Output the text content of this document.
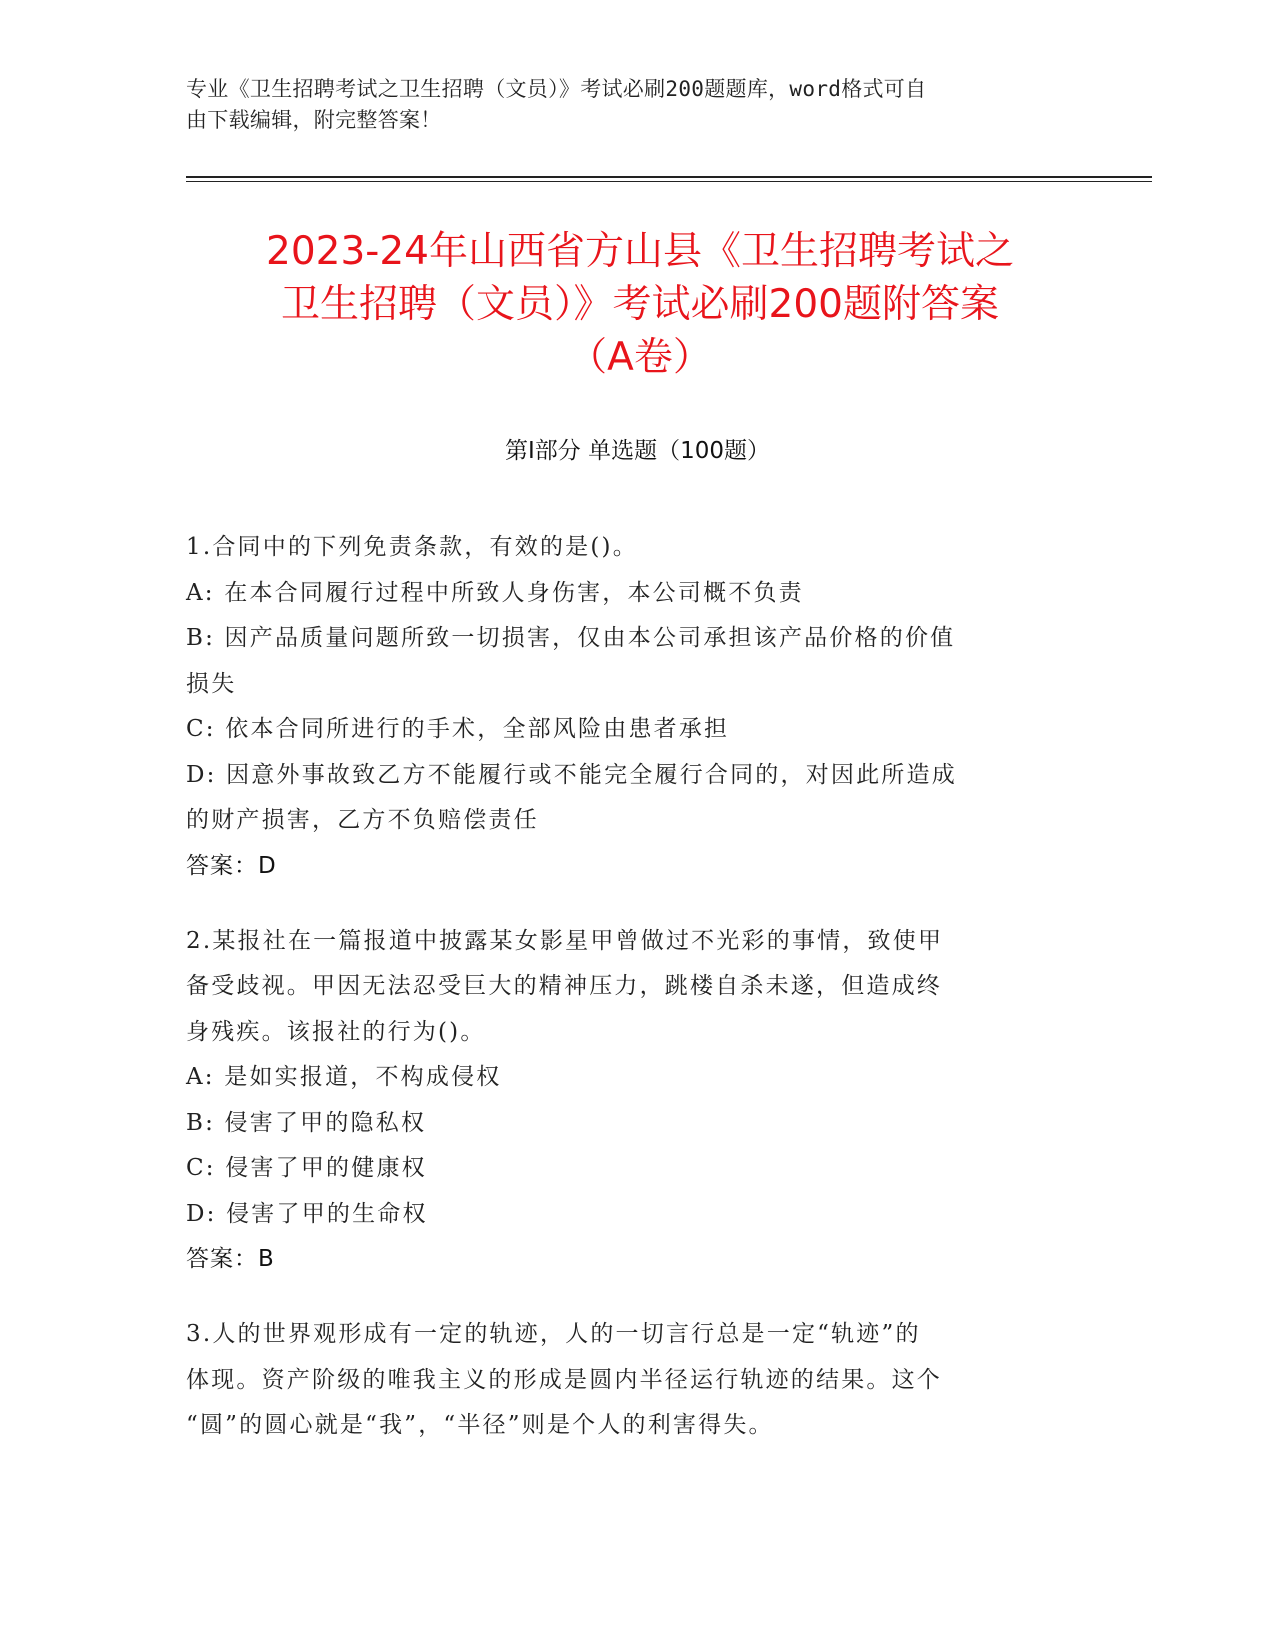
专业《卫生招聘考试之卫生招聘（文员）》考试必刷200题题库，word格式可自
由下载编辑，附完整答案！
2023-24年山西省方山县《卫生招聘考试之
卫生招聘（文员）》考试必刷200题附答案
（A卷）
第Ⅰ部分 单选题（100题）
1.合同中的下列免责条款，有效的是()。
A: 在本合同履行过程中所致人身伤害，本公司概不负责
B: 因产品质量问题所致一切损害，仅由本公司承担该产品价格的价值
损失
C: 依本合同所进行的手术，全部风险由患者承担
D: 因意外事故致乙方不能履行或不能完全履行合同的，对因此所造成
的财产损害，乙方不负赔偿责任
答案：D
2.某报社在一篇报道中披露某女影星甲曾做过不光彩的事情，致使甲
备受歧视。甲因无法忍受巨大的精神压力，跳楼自杀未遂，但造成终
身残疾。该报社的行为()。
A: 是如实报道，不构成侵权
B: 侵害了甲的隐私权
C: 侵害了甲的健康权
D: 侵害了甲的生命权
答案：B
3.人的世界观形成有一定的轨迹，人的一切言行总是一定“轨迹”的
体现。资产阶级的唯我主义的形成是圆内半径运行轨迹的结果。这个
“圆”的圆心就是“我”，“半径”则是个人的利害得失。
